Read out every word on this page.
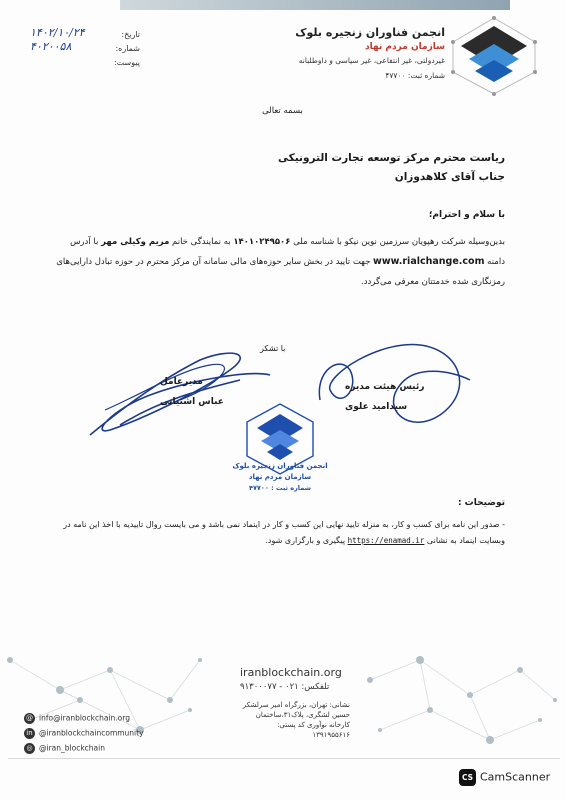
انجمن فناوران زنجیره بلوک
سازمان مردم نهاد
غیردولتی، غیر انتفاعی، غیر سیاسی و داوطلبانه
شماره ثبت: ۴۷۷۰۰
تاریخ:
۱۴۰۲/۱۰/۲۴
شماره:
۴۰۲۰۰۵۸
پیوست:
بسمه تعالی
ریاست محترم مرکز توسعه تجارت الترونیکی
جناب آقای کلاهدوزان
با سلام و احترام؛
بدین‌وسیله شرکت رهپویان سرزمین نوین نیکو با شناسه ملی ۱۴۰۱۰۲۴۹۵۰۶ به نمایندگی خانم مریم وکیلی مهر با آدرس دامنه www.rialchange.com جهت تایید در بخش سایر حوزه‌های مالی سامانه آن مرکز محترم در حوزه تبادل دارایی‌های رمزنگاری شده خدمتتان معرفی می‌گردد.
با تشکر
مدیرعامل
عباس اشتیانی
رئیس هیئت مدیره
سیدامید علوی
انجمن فناوران زنجیره بلوک
سازمان مردم نهاد
شماره ثبت : ۴۷۷۰۰
توضیحات :
- صدور این نامه برای کسب و کار، به منزله تایید نهایی این کسب و کار در اینماد نمی باشد و می بایست روال تاییدیه با اخذ این نامه در وبسایت اینماد به نشانی https://enamad.ir پیگیری و بارگزاری شود.
iranblockchain.org
تلفکس: ۰۲۱ - ۹۱۳۰۰۰۷۷
نشانی: تهران، بزرگراه امیر سرلشکر حسین لشگری، پلاک۳۱،ساختمان کارخانه نوآوری کد پستی: ۱۳۹۱۹۵۵۶۱۶
@ info@iranblockchain.org
in @iranblockchaincommunity
◎ @iran_blockchain
CS CamScanner
